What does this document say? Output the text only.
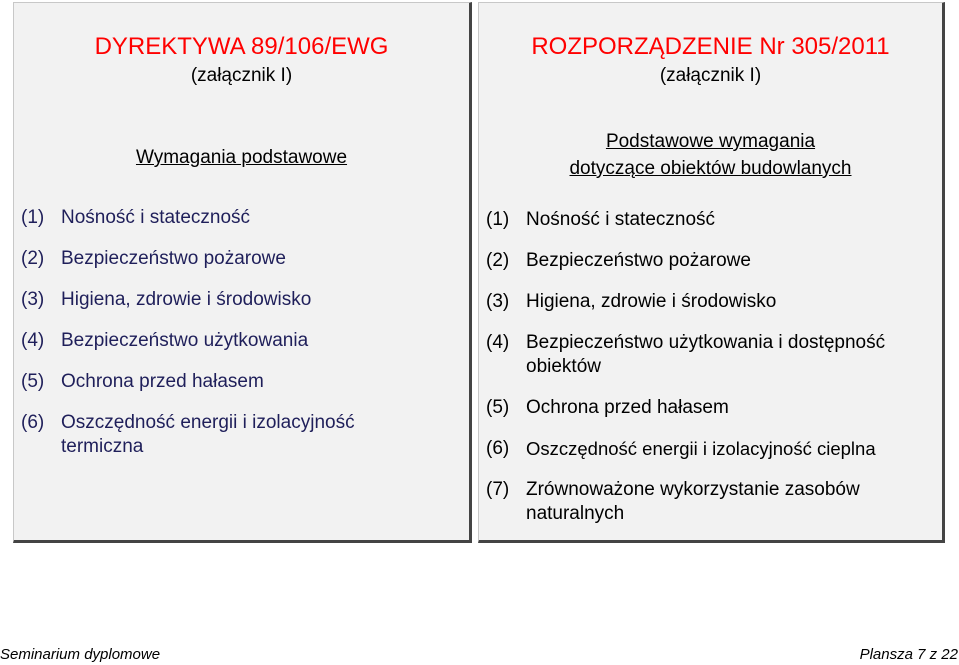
DYREKTYWA 89/106/EWG
(załącznik I)
Wymagania podstawowe
(1) Nośność i stateczność
(2) Bezpieczeństwo pożarowe
(3) Higiena, zdrowie i środowisko
(4) Bezpieczeństwo użytkowania
(5) Ochrona przed hałasem
(6) Oszczędność energii i izolacyjność termiczna
ROZPORZĄDZENIE Nr 305/2011
(załącznik I)
Podstawowe wymagania
dotyczące obiektów budowlanych
(1) Nośność i stateczność
(2) Bezpieczeństwo pożarowe
(3) Higiena, zdrowie i środowisko
(4) Bezpieczeństwo użytkowania i dostępność obiektów
(5) Ochrona przed hałasem
(6) Oszczędność energii i izolacyjność cieplna
(7) Zrównoważone wykorzystanie zasobów naturalnych
Seminarium dyplomowe	Plansza 7 z 22
